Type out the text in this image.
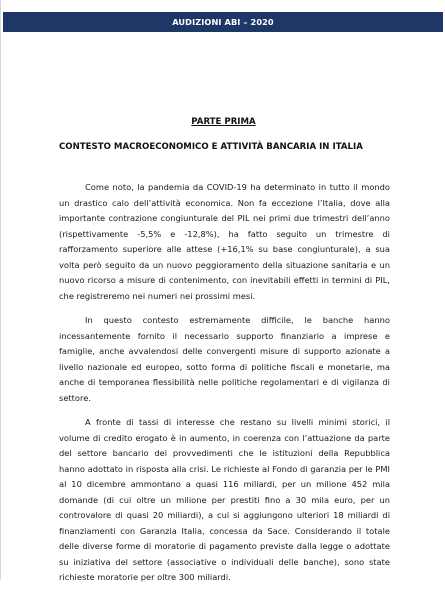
AUDIZIONI ABI – 2020
PARTE PRIMA
CONTESTO MACROECONOMICO E ATTIVITÀ BANCARIA IN ITALIA

Come noto, la pandemia da COVID-19 ha determinato in tutto il mondo un drastico calo dell’attività economica. Non fa eccezione l’Italia, dove alla importante contrazione congiunturale del PIL nei primi due trimestri dell’anno (rispettivamente -5,5% e -12,8%), ha fatto seguito un trimestre di rafforzamento superiore alle attese (+16,1% su base congiunturale), a sua volta però seguito da un nuovo peggioramento della situazione sanitaria e un nuovo ricorso a misure di contenimento, con inevitabili effetti in termini di PIL, che registreremo nei numeri nei prossimi mesi.

In questo contesto estremamente difficile, le banche hanno incessantemente fornito il necessario supporto finanziario a imprese e famiglie, anche avvalendosi delle convergenti misure di supporto azionate a livello nazionale ed europeo, sotto forma di politiche fiscali e monetarie, ma anche di temporanea flessibilità nelle politiche regolamentari e di vigilanza di settore.

A fronte di tassi di interesse che restano su livelli minimi storici, il volume di credito erogato è in aumento, in coerenza con l’attuazione da parte del settore bancario dei provvedimenti che le istituzioni della Repubblica hanno adottato in risposta alla crisi. Le richieste al Fondo di garanzia per le PMI al 10 dicembre ammontano a quasi 116 miliardi, per un milione 452 mila domande (di cui oltre un milione per prestiti fino a 30 mila euro, per un controvalore di quasi 20 miliardi), a cui si aggiungono ulteriori 18 miliardi di finanziamenti con Garanzia Italia, concessa da Sace. Considerando il totale delle diverse forme di moratorie di pagamento previste dalla legge o adottate su iniziativa del settore (associative o individuali delle banche), sono state richieste moratorie per oltre 300 miliardi.
